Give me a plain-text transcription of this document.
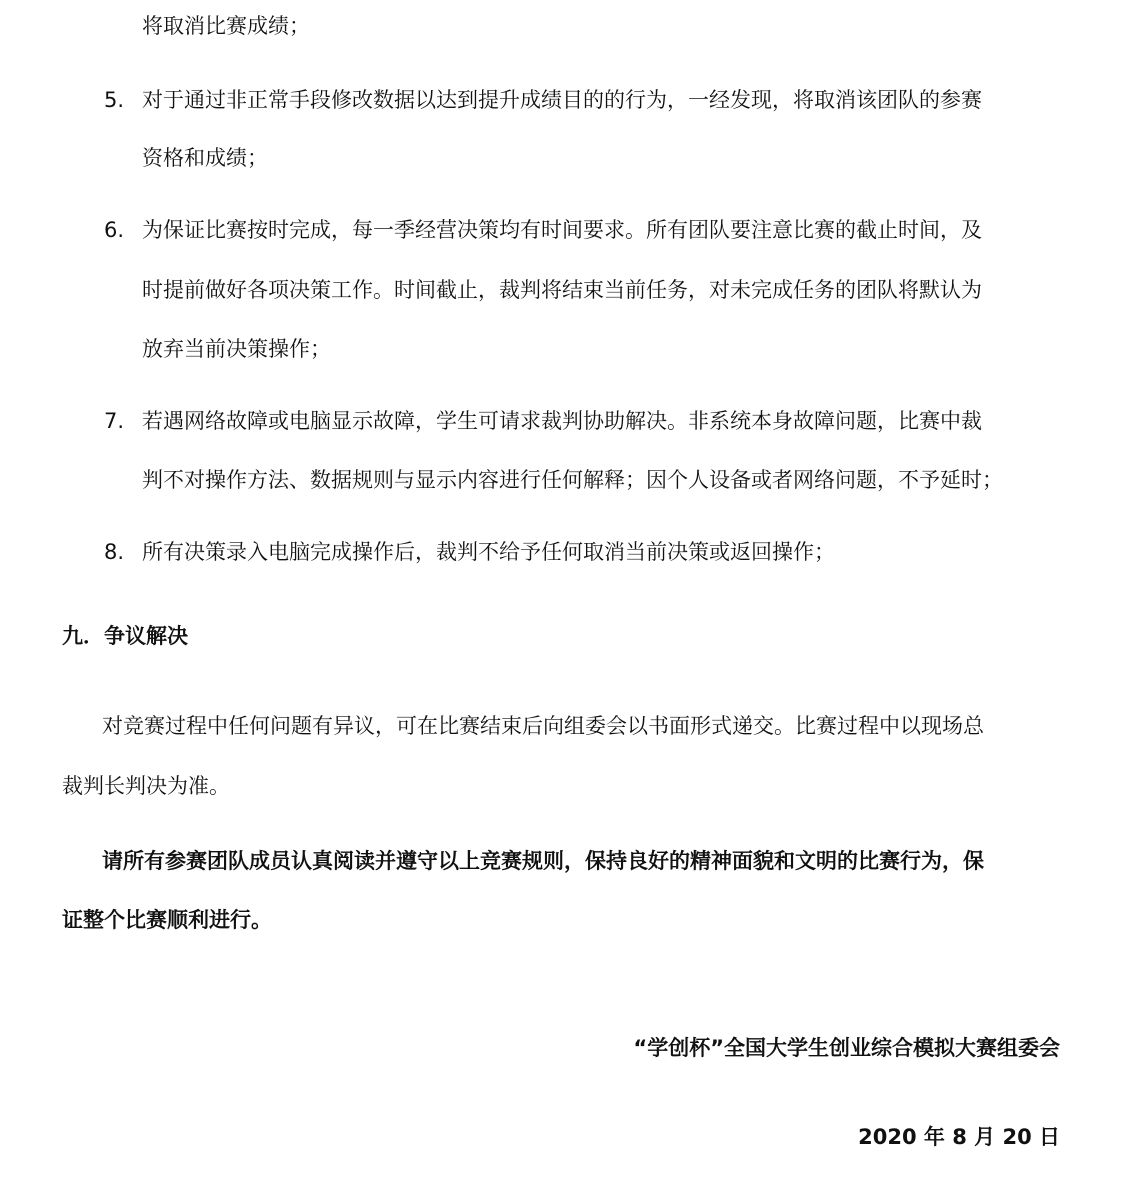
将取消比赛成绩；
5. 对于通过非正常手段修改数据以达到提升成绩目的的行为，一经发现，将取消该团队的参赛
资格和成绩；
6. 为保证比赛按时完成，每一季经营决策均有时间要求。所有团队要注意比赛的截止时间，及
时提前做好各项决策工作。时间截止，裁判将结束当前任务，对未完成任务的团队将默认为
放弃当前决策操作；
7. 若遇网络故障或电脑显示故障，学生可请求裁判协助解决。非系统本身故障问题，比赛中裁
判不对操作方法、数据规则与显示内容进行任何解释；因个人设备或者网络问题，不予延时；
8. 所有决策录入电脑完成操作后，裁判不给予任何取消当前决策或返回操作；
九．争议解决
对竞赛过程中任何问题有异议，可在比赛结束后向组委会以书面形式递交。比赛过程中以现场总
裁判长判决为准。
请所有参赛团队成员认真阅读并遵守以上竞赛规则，保持良好的精神面貌和文明的比赛行为，保
证整个比赛顺利进行。
“学创杯”全国大学生创业综合模拟大赛组委会
2020 年 8 月 20 日
